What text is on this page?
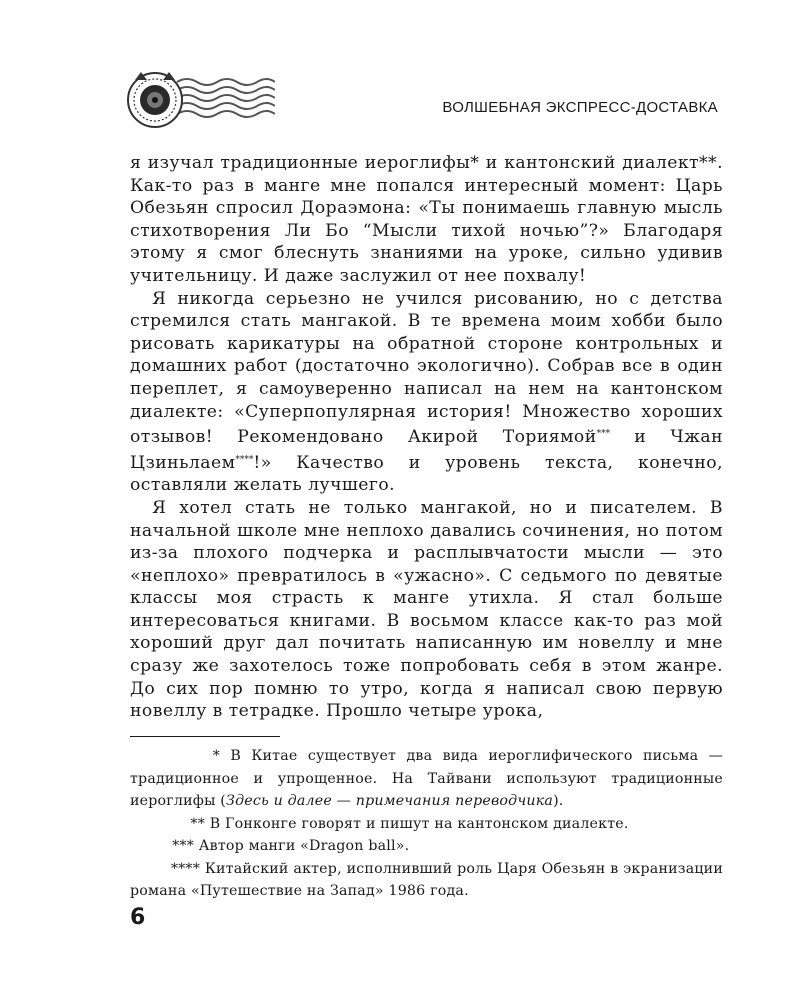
ВОЛШЕБНАЯ ЭКСПРЕСС-ДОСТАВКА

я изучал традиционные иероглифы* и кантонский диалект**. Как-то раз в манге мне попался интересный момент: Царь Обезьян спросил Дораэмона: «Ты понимаешь главную мысль стихотворения Ли Бо “Мысли тихой ночью”?» Благодаря этому я смог блеснуть знаниями на уроке, сильно удивив учительницу. И даже заслужил от нее похвалу!

Я никогда серьезно не учился рисованию, но с детства стремился стать мангакой. В те времена моим хобби было рисовать карикатуры на обратной стороне контрольных и домашних работ (достаточно экологично). Собрав все в один переплет, я самоуверенно написал на нем на кантонском диалекте: «Суперпопулярная история! Множество хороших отзывов! Рекомендовано Акирой Ториямой*** и Чжан Цзиньлаем****!» Качество и уровень текста, конечно, оставляли желать лучшего.

Я хотел стать не только мангакой, но и писателем. В начальной школе мне неплохо давались сочинения, но потом из-за плохого подчерка и расплывчатости мысли — это «неплохо» превратилось в «ужасно». С седьмого по девятые классы моя страсть к манге утихла. Я стал больше интересоваться книгами. В восьмом классе как-то раз мой хороший друг дал почитать написанную им новеллу и мне сразу же захотелось тоже попробовать себя в этом жанре. До сих пор помню то утро, когда я написал свою первую новеллу в тетрадке. Прошло четыре урока,

* В Китае существует два вида иероглифического письма — традиционное и упрощенное. На Тайвани используют традиционные иероглифы (Здесь и далее — примечания переводчика).

** В Гонконге говорят и пишут на кантонском диалекте.

*** Автор манги «Dragon ball».

**** Китайский актер, исполнивший роль Царя Обезьян в экранизации романа «Путешествие на Запад» 1986 года.

6
